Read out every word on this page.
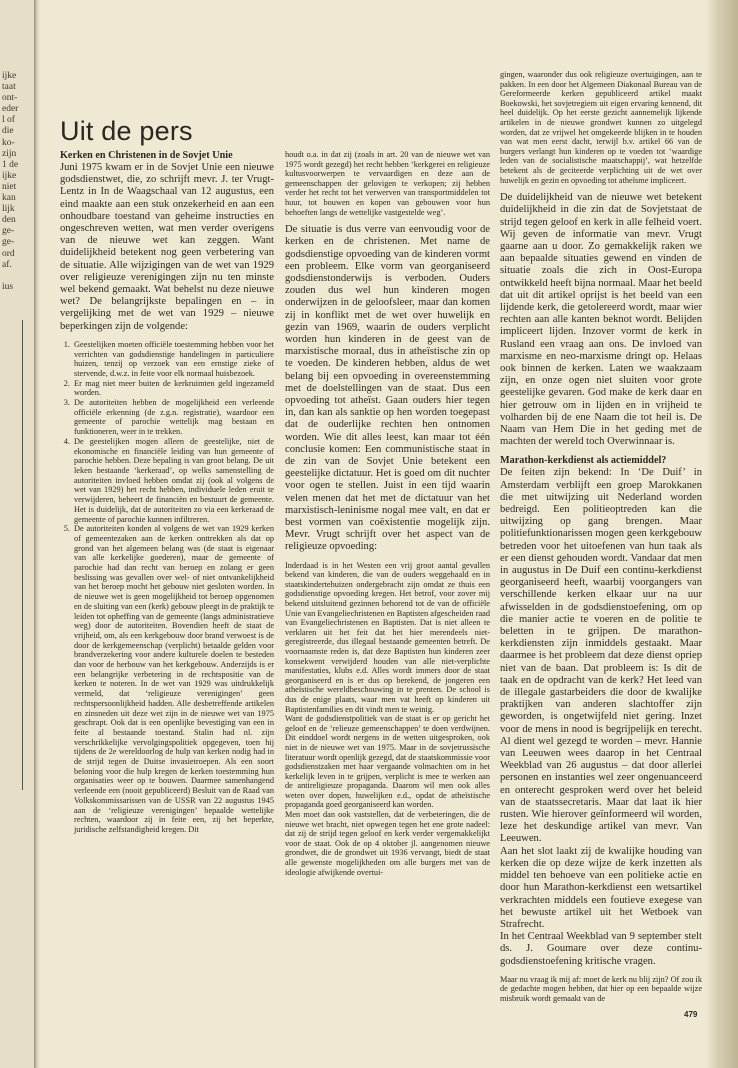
ijke
taat
ont-
eder
l of
die
ko-
zijn
1 de
ijke
niet
kan
lijk
den
ge-
ge-
ord
af.

ius
Uit de pers
Kerken en Christenen in de Sovjet Unie

Juni 1975 kwam er in de Sovjet Unie een nieuwe godsdienstwet, die, zo schrijft mevr. J. ter Vrugt-Lentz in In de Waagschaal van 12 augustus, een eind maakte aan een stuk onzekerheid en aan een onhoudbare toestand van geheime instructies en ongeschreven wetten, wat men verder overigens van de nieuwe wet kan zeggen. Want duidelijkheid betekent nog geen verbetering van de situatie. Alle wijzigingen van de wet van 1929 over religieuze verenigingen zijn nu ten minste wel bekend gemaakt. Wat behelst nu deze nieuwe wet? De belangrijkste bepalingen en – in vergelijking met de wet van 1929 – nieuwe beperkingen zijn de volgende:

1. Geestelijken moeten officiële toestemming hebben voor het verrichten van godsdienstige handelingen in particuliere huizen, tenzij op verzoek van een ernstige zieke of stervende, d.w.z. in feite voor elk normaal huisbezoek.
2. Er mag niet meer buiten de kerkruimten geld ingezameld worden.
3. De autoriteiten hebben de mogelijkheid een verleende officiële erkenning (de z.g.n. registratie), waardoor een gemeente of parochie wettelijk mag bestaan en funktioneren, weer in te trekken.
4. De geestelijken mogen alleen de geestelijke, niet de ekonomische en financiële leiding van hun gemeente of parochie hebben. Deze bepaling is van groot belang. De uit leken bestaande ‘kerkeraad’, op welks samenstelling de autoriteiten invloed hebben omdat zij (ook al volgens de wet van 1929) het recht hebben, individuele leden eruit te verwijderen, beheert de financiën en bestuurt de gemeente. Het is duidelijk, dat de autoriteiten zo via een kerkeraad de gemeente of parochie kunnen infiltreren.
5. De autoriteiten konden al volgens de wet van 1929 kerken of gemeentezaken aan de kerken onttrekken als dat op grond van het algemeen belang was (de staat is eigenaar van alle kerkelijke goederen), maar de gemeente of parochie had dan recht van beroep en zolang er geen beslissing was gevallen over wel- of niet ontvankelijkheid van het beroep mocht het gebouw niet gesloten worden. In de nieuwe wet is geen mogelijkheid tot beroep opgenomen en de sluiting van een (kerk) gebouw pleegt in de praktijk te leiden tot opheffing van de gemeente (langs administratieve weg) door de autoriteiten. Bovendien heeft de staat de vrijheid, om, als een kerkgebouw door brand verwoest is de door de kerkgemeenschap (verplicht) betaalde gelden voor brandverzekering voor andere kulturele doelen te besteden dan voor de herbouw van het kerkgebouw. Anderzijds is er een belangrijke verbetering in de rechtspositie van de kerken te noteren. In de wet van 1929 was uitdrukkelijk vermeld, dat ‘religieuze verenigingen’ geen rechtspersoonlijkheid hadden. Alle desbetreffende artikelen en zinsneden uit deze wet zijn in de nieuwe wet van 1975 geschrapt. Ook dat is een openlijke bevestiging van een in feite al bestaande toestand. Stalin had nl. zijn verschrikkelijke vervolgingspolitiek opgegeven, toen hij tijdens de 2e wereldoorlog de hulp van kerken nodig had in de strijd tegen de Duitse invasietroepen. Als een soort beloning voor die hulp kregen de kerken toestemming hun organisaties weer op te bouwen. Daarmee samenhangend verleende een (nooit gepubliceerd) Besluit van de Raad van Volkskommissarissen van de USSR van 22 augustus 1945 aan de ‘religieuze verenigingen’ bepaalde wettelijke rechten, waardoor zij in feite een, zij het beperkte, juridische zelfstandigheid kregen. Dit

houdt o.a. in dat zij (zoals in art. 20 van de nieuwe wet van 1975 wordt gezegd) het recht hebben ‘kerkgerei en religieuze kultusvoorwerpen te vervaardigen en deze aan de gemeenschappen der gelovigen te verkopen; zij hebben verder het recht tot het verwerven van transportmiddelen tot huur, tot bouwen en kopen van gebouwen voor hun behoeften langs de wettelijke vastgestelde weg’.

De situatie is dus verre van eenvoudig voor de kerken en de christenen. Met name de godsdienstige opvoeding van de kinderen vormt een probleem. Elke vorm van georganiseerd godsdienstonderwijs is verboden. Ouders zouden dus wel hun kinderen mogen onderwijzen in de geloofsleer, maar dan komen zij in konflikt met de wet over huwelijk en gezin van 1969, waarin de ouders verplicht worden hun kinderen in de geest van de marxistische moraal, dus in atheïstische zin op te voeden. De kinderen hebben, aldus de wet belang bij een opvoeding in overeenstemming met de doelstellingen van de staat. Dus een opvoeding tot atheïst. Gaan ouders hier tegen in, dan kan als sanktie op hen worden toegepast dat de ouderlijke rechten hen ontnomen worden. Wie dit alles leest, kan maar tot één conclusie komen: Een communistische staat in de zin van de Sovjet Unie betekent een geestelijke dictatuur. Het is goed om dit nuchter voor ogen te stellen. Juist in een tijd waarin velen menen dat het met de dictatuur van het marxistisch-leninisme nogal mee valt, en dat er best vormen van coëxistentie mogelijk zijn. Mevr. Vrugt schrijft over het aspect van de religieuze opvoeding:

Inderdaad is in het Westen een vrij groot aantal gevallen bekend van kinderen, die van de ouders weggehaald en in staatskindertehuizen ondergebracht zijn omdat ze thuis een godsdienstige opvoeding kregen. Het betrof, voor zover mij bekend uitsluitend gezinnen behorend tot de van de officiële Unie van Evangeliechristenen en Baptisten afgescheiden raad van Evangeliechristenen en Baptisten. Dat is niet alleen te verklaren uit het feit dat het hier merendeels niet-geregistreerde, dus illegaal bestaande gemeenten betreft. De voornaamste reden is, dat deze Baptisten hun kinderen zeer konsekwent verwijderd houden van alle niet-verplichte manifestaties, klubs e.d. Alles wordt immers door de staat georganiseerd en is er dus op berekend, de jongeren een atheïstische wereldbeschouwing in te prenten. De school is dus de enige plaats, waar men vat heeft op kinderen uit Baptistenfamilies en dit vindt men te weinig.

Want de godsdienstpolitiek van de staat is er op gericht het geloof en de ‘relieuze gemeenschappen’ te doen verdwijnen. Dit einddoel wordt nergens in de wetten uitgesproken, ook niet in de nieuwe wet van 1975. Maar in de sovjetrussische literatuur wordt openlijk gezegd, dat de staatskommissie voor godsdienstzaken met haar vergaande volmachten om in het kerkelijk leven in te grijpen, verplicht is mee te werken aan de antireligieuze propaganda. Daarom wil men ook alles weten over dopen, huwelijken e.d., opdat de atheïstische propaganda goed georganiseerd kan worden.

Men moet dan ook vaststellen, dat de verbeteringen, die de nieuwe wet bracht, niet opwegen tegen het ene grote nadeel: dat zij de strijd tegen geloof en kerk verder vergemakkelijkt voor de staat. Ook de op 4 oktober jl. aangenomen nieuwe grondwet, die de grondwet uit 1936 vervangt, biedt de staat alle gewenste mogelijkheden om alle burgers met van de ideologie afwijkende overtui-

gingen, waaronder dus ook religieuze overtuigingen, aan te pakken. In een door het Algemeen Diakonaal Bureau van de Gereformeerde kerken gepubliceerd artikel maakt Boekowski, het sovjetregiem uit eigen ervaring kennend, dit heel duidelijk. Op het eerste gezicht aannemelijk lijkende artikelen in de nieuwe grondwet kunnen zo uitgelegd worden, dat ze vrijwel het omgekeerde blijken in te houden van wat men eerst dacht, terwijl b.v. artikel 66 van de burgers verlangt hun kinderen op te voeden tot ‘waardige leden van de socialistische maatschappij’, wat hetzelfde betekent als de geciteerde verplichting uit de wet over huwelijk en gezin en opvoeding tot atheïsme impliceert.

De duidelijkheid van de nieuwe wet betekent duidelijkheid in die zin dat de Sovjetstaat de strijd tegen geloof en kerk in alle felheid voert. Wij geven de informatie van mevr. Vrugt gaarne aan u door. Zo gemakkelijk raken we aan bepaalde situaties gewend en vinden de situatie zoals die zich in Oost-Europa ontwikkeld heeft bijna normaal. Maar het beeld dat uit dit artikel oprijst is het beeld van een lijdende kerk, die getolereerd wordt, maar wier rechten aan alle kanten beknot wordt. Belijden impliceert lijden. Inzover vormt de kerk in Rusland een vraag aan ons. De invloed van marxisme en neo-marxisme dringt op. Helaas ook binnen de kerken. Laten we waakzaam zijn, en onze ogen niet sluiten voor grote geestelijke gevaren. God make de kerk daar en hier getrouw om in lijden en in vrijheid te volharden bij de ene Naam die tot heil is. De Naam van Hem Die in het geding met de machten der wereld toch Overwinnaar is.

Marathon-kerkdienst als actiemiddel?

De feiten zijn bekend: In ‘De Duif’ in Amsterdam verblijft een groep Marokkanen die met uitwijzing uit Nederland worden bedreigd. Een politieoptreden kan die uitwijzing op gang brengen. Maar politiefunktionarissen mogen geen kerkgebouw betreden voor het uitoefenen van hun taak als er een dienst gehouden wordt. Vandaar dat men in augustus in De Duif een continu-kerkdienst georganiseerd heeft, waarbij voorgangers van verschillende kerken elkaar uur na uur afwisselden in de godsdienstoefening, om op die manier actie te voeren en de politie te beletten in te grijpen. De marathon-kerkdiensten zijn inmiddels gestaakt. Maar daarmee is het probleem dat deze dienst opriep niet van de baan. Dat probleem is: Is dit de taak en de opdracht van de kerk? Het leed van de illegale gastarbeiders die door de kwalijke praktijken van anderen slachtoffer zijn geworden, is ongetwijfeld niet gering. Inzet voor de mens in nood is begrijpelijk en terecht. Al dient wel gezegd te worden – mevr. Hannie van Leeuwen wees daarop in het Centraal Weekblad van 26 augustus – dat door allerlei personen en instanties wel zeer ongenuanceerd en onterecht gesproken werd over het beleid van de staatssecretaris. Maar dat laat ik hier rusten. Wie hierover geïnformeerd wil worden, leze het deskundige artikel van mevr. Van Leeuwen.

Aan het slot laakt zij de kwalijke houding van kerken die op deze wijze de kerk inzetten als middel ten behoeve van een politieke actie en door hun Marathon-kerkdienst een wetsartikel verkrachten middels een foutieve exegese van het bewuste artikel uit het Wetboek van Strafrecht.

In het Centraal Weekblad van 9 september stelt ds. J. Goumare over deze continu-godsdienstoefening kritische vragen.

Maar nu vraag ik mij af: moet de kerk nu blij zijn? Of zou ik de gedachte mogen hebben, dat hier op een bepaalde wijze misbruik wordt gemaakt van de

479
